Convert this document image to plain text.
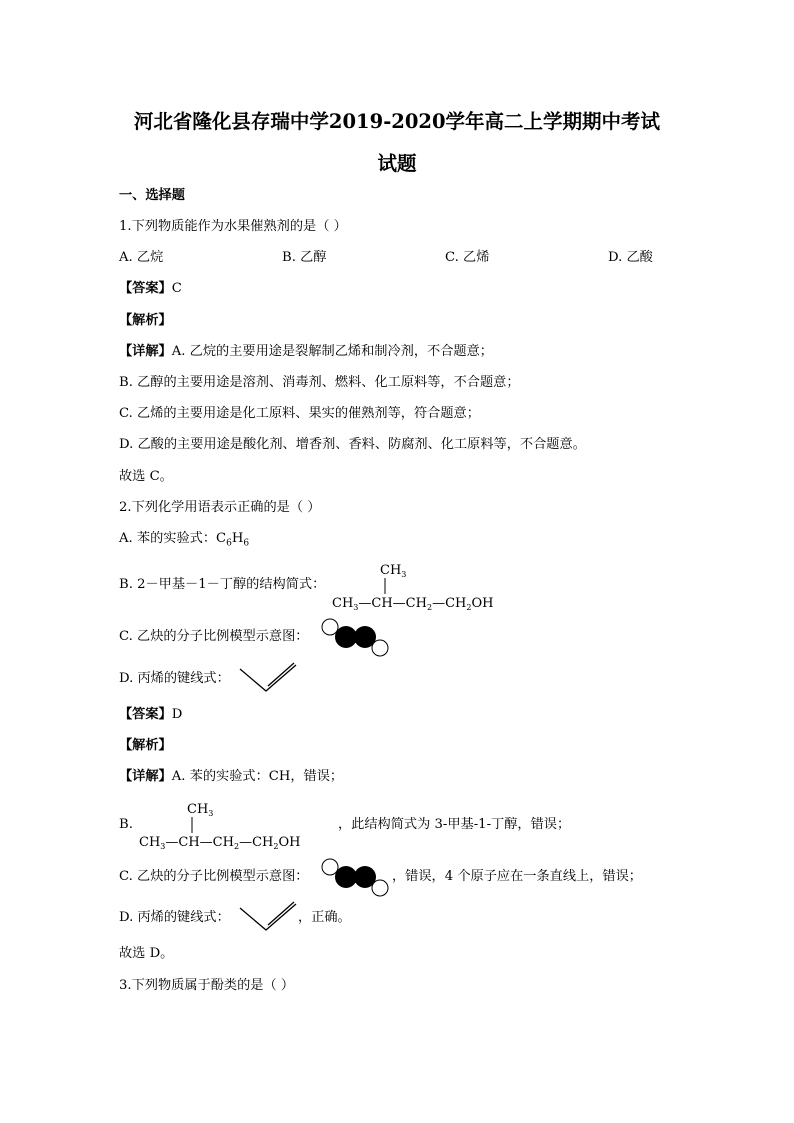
河北省隆化县存瑞中学2019-2020学年高二上学期期中考试
试题
一、选择题
1.下列物质能作为水果催熟剂的是（ ）
A. 乙烷	B. 乙醇	C. 乙烯	D. 乙酸
【答案】C
【解析】
【详解】A. 乙烷的主要用途是裂解制乙烯和制冷剂，不合题意；
B. 乙醇的主要用途是溶剂、消毒剂、燃料、化工原料等，不合题意；
C. 乙烯的主要用途是化工原料、果实的催熟剂等，符合题意；
D. 乙酸的主要用途是酸化剂、增香剂、香料、防腐剂、化工原料等，不合题意。
故选 C。
2.下列化学用语表示正确的是（ ）
A. 苯的实验式：$C_6H_6$
B. 2－甲基－1－丁醇的结构简式：
$CH_3$
$CH_3—CH—CH_2—CH_2OH$
C. 乙炔的分子比例模型示意图：
D. 丙烯的键线式：
【答案】D
【解析】
【详解】A. 苯的实验式：CH，错误；
B.
$CH_3$
$CH_3—CH—CH_2—CH_2OH$
，此结构简式为 3-甲基-1-丁醇，错误；
C. 乙炔的分子比例模型示意图：	，错误，4 个原子应在一条直线上，错误；
D. 丙烯的键线式：	，正确。
故选 D。
3.下列物质属于酚类的是（ ）
